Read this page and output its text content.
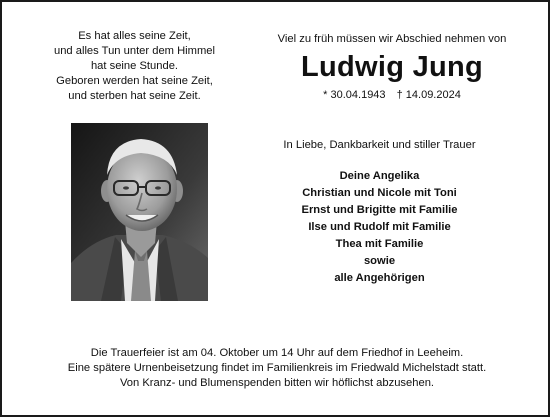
Es hat alles seine Zeit,
und alles Tun unter dem Himmel
hat seine Stunde.
Geboren werden hat seine Zeit,
und sterben hat seine Zeit.
Viel zu früh müssen wir Abschied nehmen von
Ludwig Jung
* 30.04.1943 † 14.09.2024
In Liebe, Dankbarkeit und stiller Trauer
Deine Angelika
Christian und Nicole mit Toni
Ernst und Brigitte mit Familie
Ilse und Rudolf mit Familie
Thea mit Familie
sowie
alle Angehörigen
Die Trauerfeier ist am 04. Oktober um 14 Uhr auf dem Friedhof in Leeheim.
Eine spätere Urnenbeisetzung findet im Familienkreis im Friedwald Michelstadt statt.
Von Kranz- und Blumenspenden bitten wir höflichst abzusehen.
